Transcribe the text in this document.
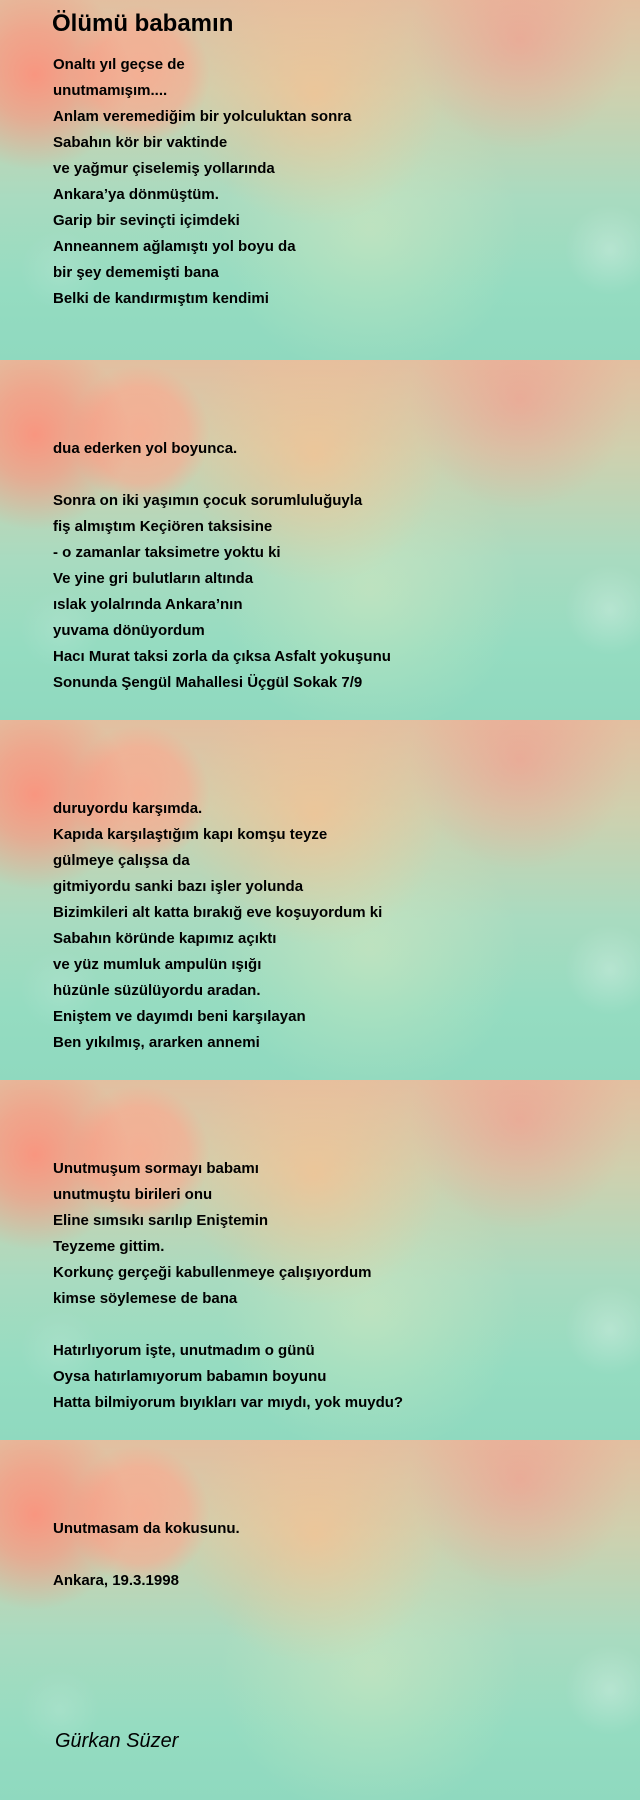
Ölümü babamın
Onaltı yıl geçse de
unutmamışım....
Anlam veremediğim bir yolculuktan sonra
Sabahın kör bir vaktinde
ve yağmur çiselemiş yollarında
Ankara’ya dönmüştüm.
Garip bir sevinçti içimdeki
Anneannem ağlamıştı yol boyu da
bir şey dememişti bana
Belki de kandırmıştım kendimi
dua ederken yol boyunca.
Sonra on iki yaşımın çocuk sorumluluğuyla
fiş almıştım Keçiören taksisine
- o zamanlar taksimetre yoktu ki
Ve yine gri bulutların altında
ıslak yolalrında Ankara’nın
yuvama dönüyordum
Hacı Murat taksi zorla da çıksa Asfalt yokuşunu
Sonunda Şengül Mahallesi Üçgül Sokak 7/9
duruyordu karşımda.
Kapıda karşılaştığım kapı komşu teyze
gülmeye çalışsa da
gitmiyordu sanki bazı işler yolunda
Bizimkileri alt katta bırakığ eve koşuyordum ki
Sabahın köründe kapımız açıktı
ve yüz mumluk ampulün ışığı
hüzünle süzülüyordu aradan.
Eniştem ve dayımdı beni karşılayan
Ben yıkılmış, ararken annemi
Unutmuşum sormayı babamı
unutmuştu birileri onu
Eline sımsıkı sarılıp Eniştemin
Teyzeme gittim.
Korkunç gerçeği kabullenmeye çalışıyordum
kimse söylemese de bana
Hatırlıyorum işte, unutmadım o günü
Oysa hatırlamıyorum babamın boyunu
Hatta bilmiyorum bıyıkları var mıydı, yok muydu?
Unutmasam da kokusunu.
Ankara, 19.3.1998
Gürkan Süzer
